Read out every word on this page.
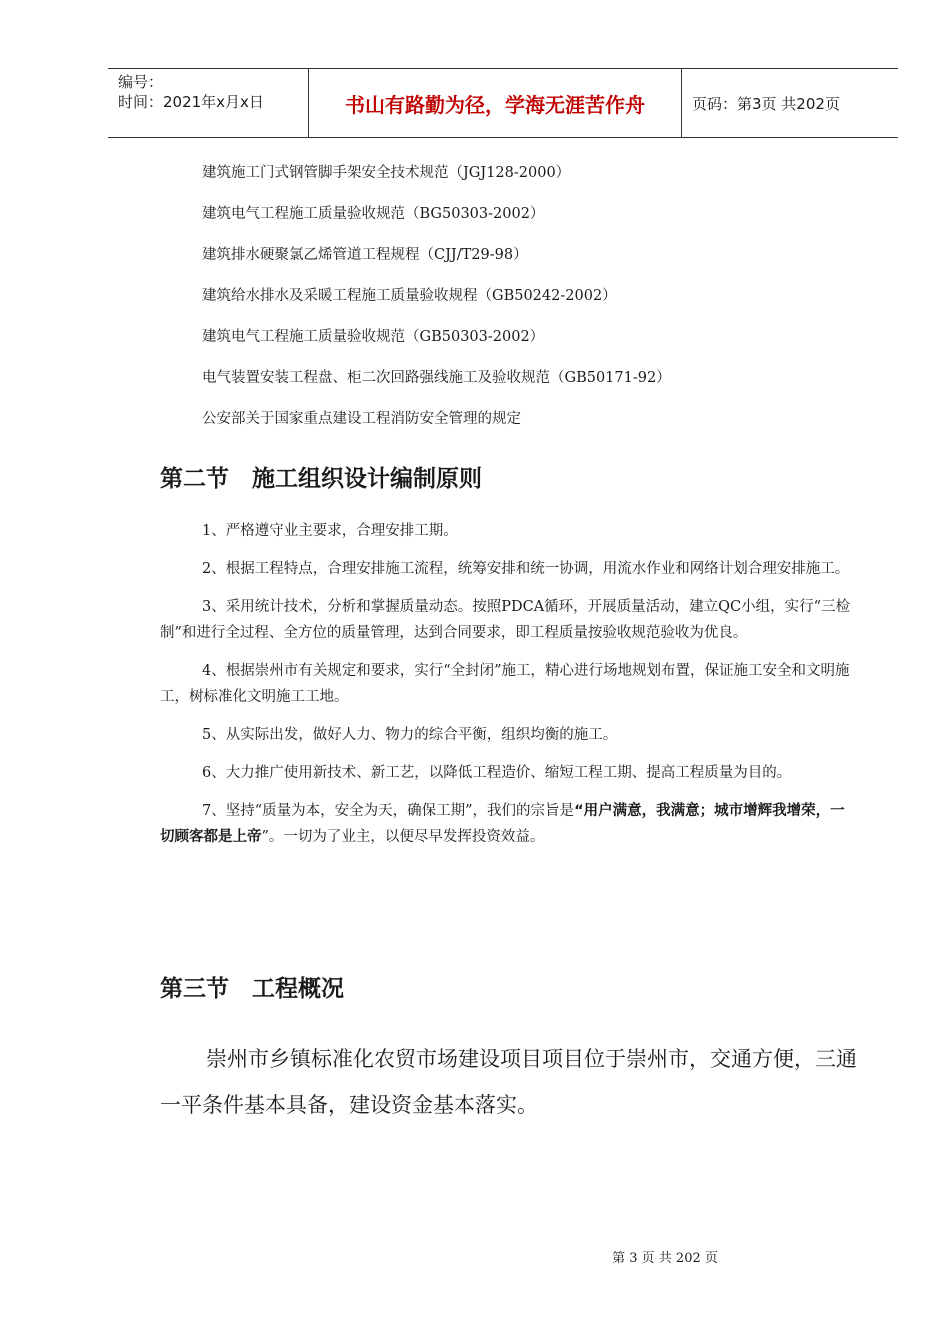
编号：
时间：2021年x月x日	书山有路勤为径，学海无涯苦作舟	页码：第3页 共202页
建筑施工门式钢管脚手架安全技术规范（JGJ128-2000）
建筑电气工程施工质量验收规范（BG50303-2002）
建筑排水硬聚氯乙烯管道工程规程（CJJ/T29-98）
建筑给水排水及采暖工程施工质量验收规程（GB50242-2002）
建筑电气工程施工质量验收规范（GB50303-2002）
电气装置安装工程盘、柜二次回路强线施工及验收规范（GB50171-92）
公安部关于国家重点建设工程消防安全管理的规定
第二节　施工组织设计编制原则

1、严格遵守业主要求，合理安排工期。

2、根据工程特点，合理安排施工流程，统筹安排和统一协调，用流水作业和网络计划合理安排施工。

3、采用统计技术，分析和掌握质量动态。按照PDCA循环，开展质量活动，建立QC小组，实行“三检制”和进行全过程、全方位的质量管理，达到合同要求，即工程质量按验收规范验收为优良。

4、根据崇州市有关规定和要求，实行“全封闭”施工，精心进行场地规划布置，保证施工安全和文明施工，树标准化文明施工工地。

5、从实际出发，做好人力、物力的综合平衡，组织均衡的施工。

6、大力推广使用新技术、新工艺，以降低工程造价、缩短工程工期、提高工程质量为目的。

7、坚持“质量为本，安全为天，确保工期”，我们的宗旨是“用户满意，我满意；城市增辉我增荣，一切顾客都是上帝”。一切为了业主，以便尽早发挥投资效益。

第三节　工程概况
崇州市乡镇标准化农贸市场建设项目项目位于崇州市，交通方便，三通一平条件基本具备，建设资金基本落实。
第 3 页 共 202 页
